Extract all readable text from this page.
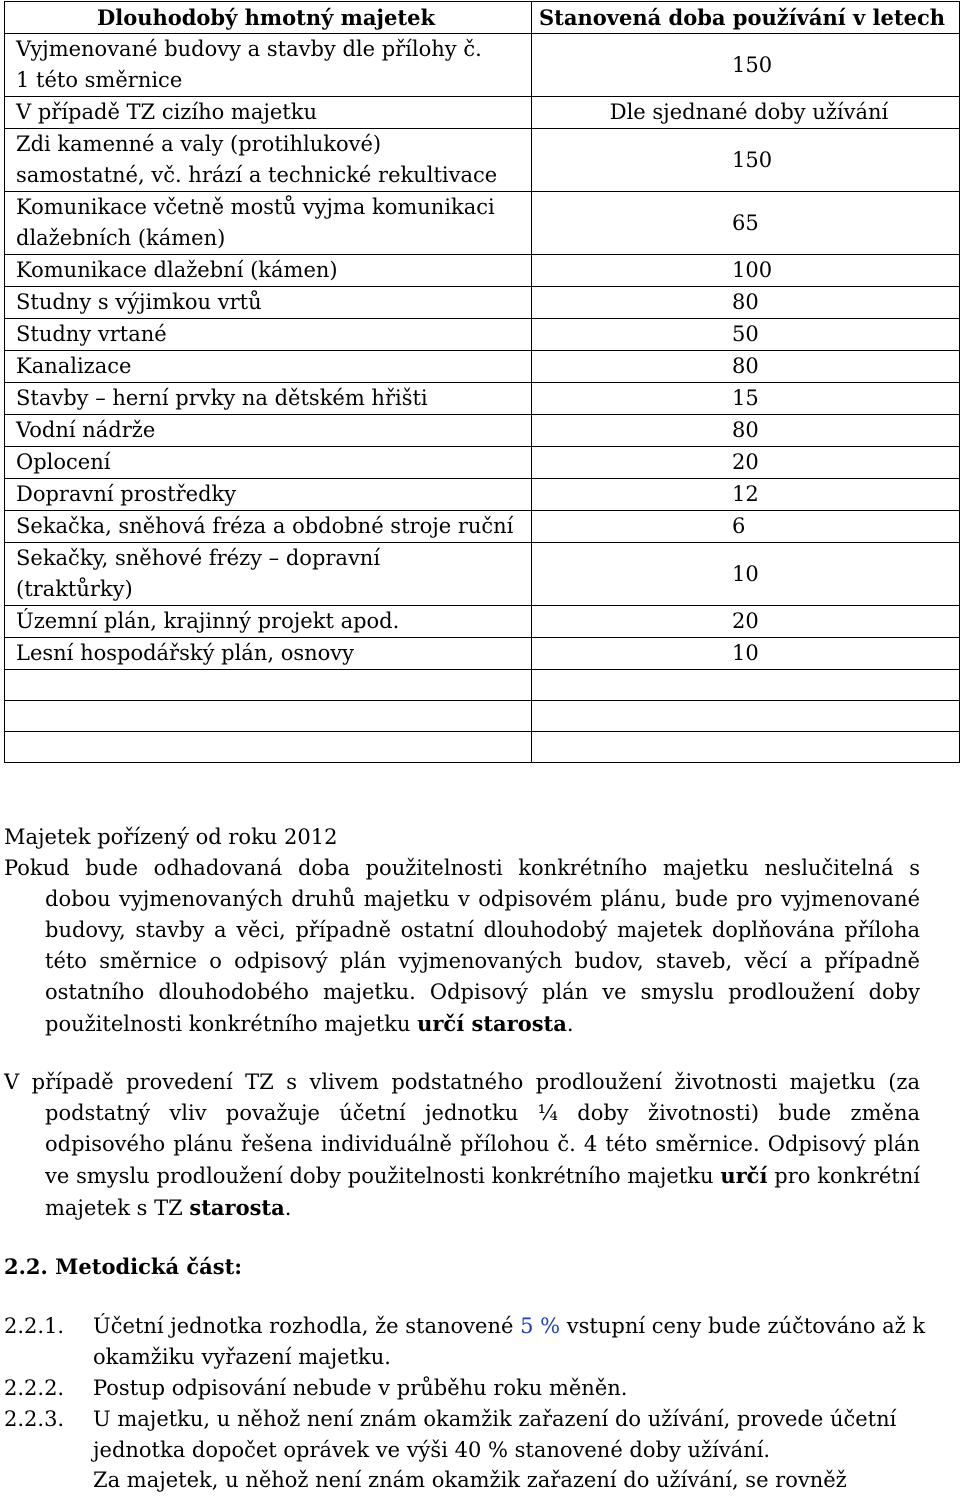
Dlouhodobý hmotný majetek	Stanovená doba používání v letech
Vyjmenované budovy a stavby dle přílohy č.
1 této směrnice	150
V případě TZ cizího majetku	Dle sjednané doby užívání
Zdi kamenné a valy (protihlukové)
samostatné, vč. hrází a technické rekultivace	150
Komunikace včetně mostů vyjma komunikaci
dlažebních (kámen)	65
Komunikace dlažební (kámen)	100
Studny s výjimkou vrtů	80
Studny vrtané	50
Kanalizace	80
Stavby – herní prvky na dětském hřišti	15
Vodní nádrže	80
Oplocení	20
Dopravní prostředky	12
Sekačka, sněhová fréza a obdobné stroje ruční	6
Sekačky, sněhové frézy – dopravní
(traktůrky)	10
Územní plán, krajinný projekt apod.	20
Lesní hospodářský plán, osnovy	10

Majetek pořízený od roku 2012

Pokud bude odhadovaná doba použitelnosti konkrétního majetku neslučitelná s dobou vyjmenovaných druhů majetku v odpisovém plánu, bude pro vyjmenované budovy, stavby a věci, případně ostatní dlouhodobý majetek doplňována příloha této směrnice o odpisový plán vyjmenovaných budov, staveb, věcí a případně ostatního dlouhodobého majetku. Odpisový plán ve smyslu prodloužení doby použitelnosti konkrétního majetku určí starosta.

V případě provedení TZ s vlivem podstatného prodloužení životnosti majetku (za podstatný vliv považuje účetní jednotku ¼ doby životnosti) bude změna odpisového plánu řešena individuálně přílohou č. 4 této směrnice. Odpisový plán ve smyslu prodloužení doby použitelnosti konkrétního majetku určí pro konkrétní majetek s TZ starosta.

2.2. Metodická část:
2.2.1.	Účetní jednotka rozhodla, že stanovené 5 % vstupní ceny bude zúčtováno až k okamžiku vyřazení majetku.
2.2.2.	Postup odpisování nebude v průběhu roku měněn.
2.2.3.	U majetku, u něhož není znám okamžik zařazení do užívání, provede účetní jednotka dopočet oprávek ve výši 40 % stanovené doby užívání.
Za majetek, u něhož není znám okamžik zařazení do užívání, se rovněž
